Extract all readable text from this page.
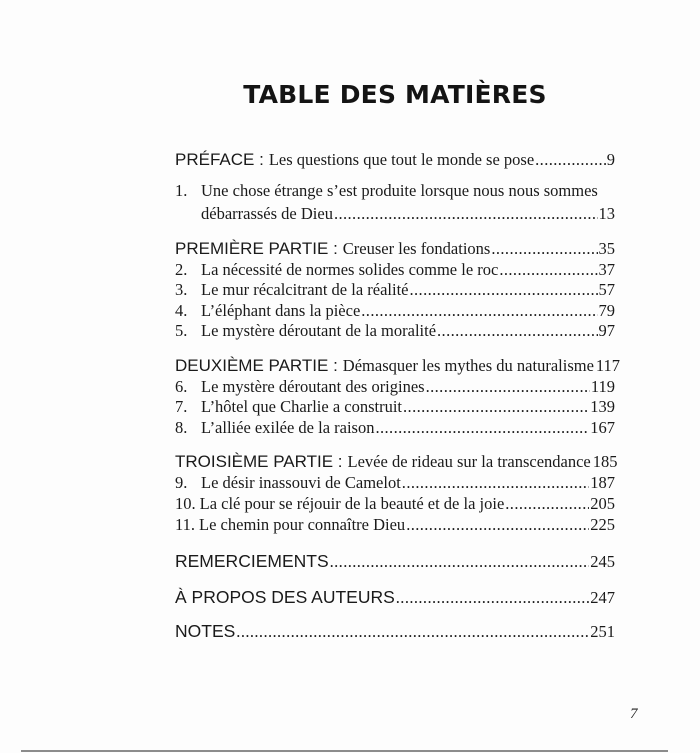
TABLE DES MATIÈRES
PRÉFACE : Les questions que tout le monde se pose .....	9
1. Une chose étrange s’est produite lorsque nous nous sommes
débarrassés de Dieu .....	13
PREMIÈRE PARTIE : Creuser les fondations .....	35
2. La nécessité de normes solides comme le roc .....	37
3. Le mur récalcitrant de la réalité .....	57
4. L’éléphant dans la pièce .....	79
5. Le mystère déroutant de la moralité .....	97
DEUXIÈME PARTIE : Démasquer les mythes du naturalisme 117
6. Le mystère déroutant des origines .....	119
7. L’hôtel que Charlie a construit .....	139
8. L’alliée exilée de la raison .....	167
TROISIÈME PARTIE : Levée de rideau sur la transcendance 185
9. Le désir inassouvi de Camelot .....	187
10. La clé pour se réjouir de la beauté et de la joie .....	205
11. Le chemin pour connaître Dieu .....	225
REMERCIEMENTS .....	245
À PROPOS DES AUTEURS .....	247
NOTES .....	251
7
